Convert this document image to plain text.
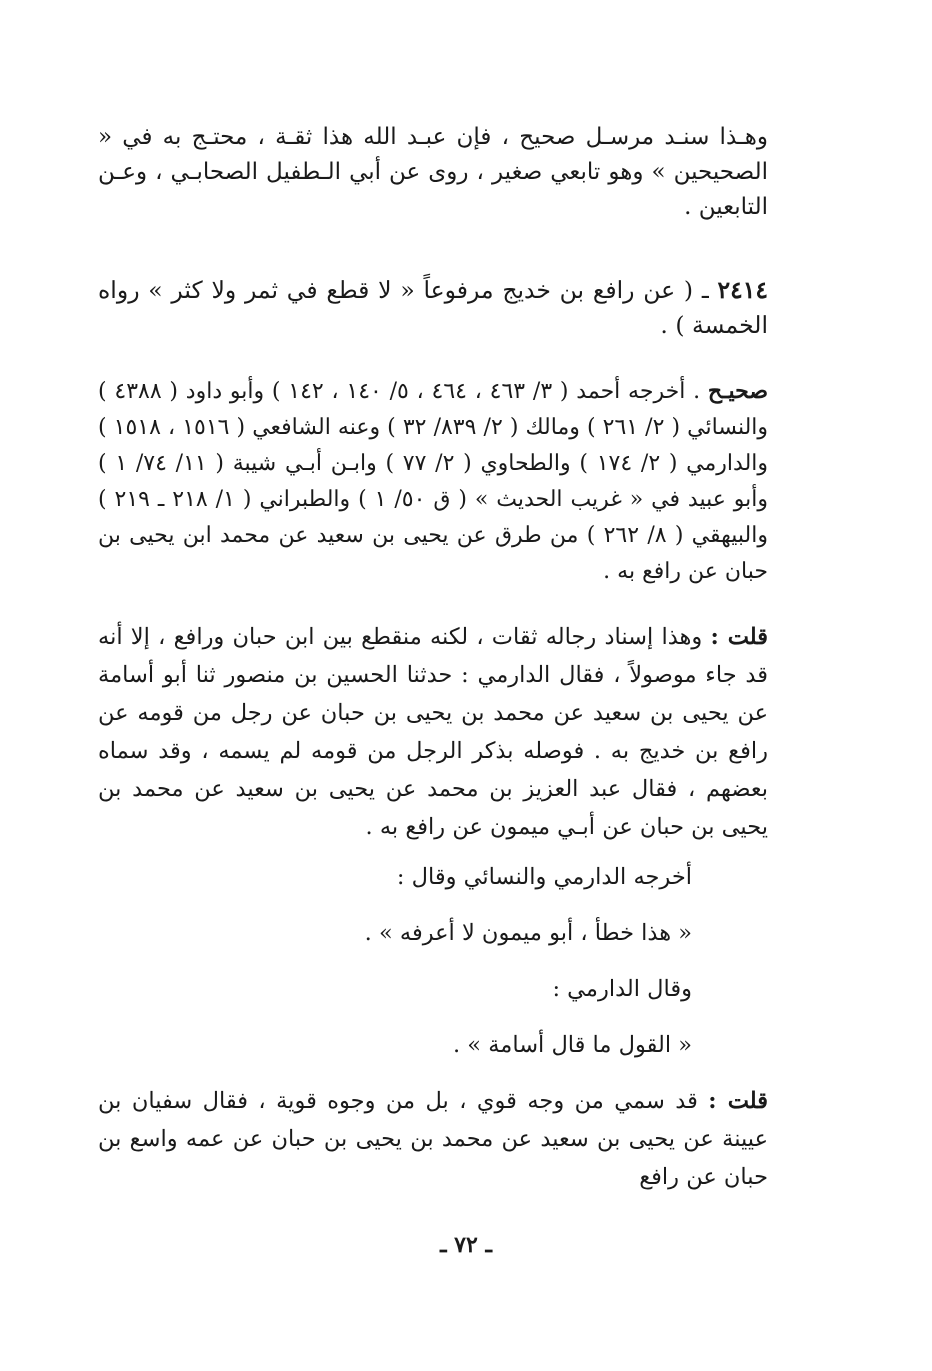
وهـذا سنـد مرسـل صحيح ، فإن عبـد الله هذا ثقـة ، محتـج به في « الصحيحين » وهو تابعي صغير ، روى عن أبي الـطفيل الصحابـي ، وعـن التابعين .

٢٤١٤ ـ ( عن رافع بن خديج مرفوعاً « لا قطع في ثمر ولا كثر » رواه الخمسة ) .

صحيـح . أخرجه أحمد ( ٣/ ٤٦٣ ، ٤٦٤ ، ٥/ ١٤٠ ، ١٤٢ ) وأبو داود ( ٤٣٨٨ ) والنسائي ( ٢/ ٢٦١ ) ومالك ( ٢/ ٨٣٩/ ٣٢ ) وعنه الشافعي ( ١٥١٦ ، ١٥١٨ ) والدارمي ( ٢/ ١٧٤ ) والطحاوي ( ٢/ ٧٧ ) وابـن أبـي شيبة ( ١١/ ٧٤/ ١ ) وأبو عبيد في « غريب الحديث » ( ق ٥٠/ ١ ) والطبراني ( ١/ ٢١٨ ـ ٢١٩ ) والبيهقي ( ٨/ ٢٦٢ ) من طرق عن يحيى بن سعيد عن محمد ابن يحيى بن حبان عن رافع به .

قلت : وهذا إسناد رجاله ثقات ، لكنه منقطع بين ابن حبان ورافع ، إلا أنه قد جاء موصولاً ، فقال الدارمي : حدثنا الحسين بن منصور ثنا أبو أسامة عن يحيى بن سعيد عن محمد بن يحيى بن حبان عن رجل من قومه عن رافع بن خديج به . فوصله بذكر الرجل من قومه لم يسمه ، وقد سماه بعضهم ، فقال عبد العزيز بن محمد عن يحيى بن سعيد عن محمد بن يحيى بن حبان عن أبـي ميمون عن رافع به .

أخرجه الدارمي والنسائي وقال :

« هذا خطأ ، أبو ميمون لا أعرفه » .

وقال الدارمي :

« القول ما قال أسامة » .

قلت : قد سمي من وجه قوي ، بل من وجوه قوية ، فقال سفيان بن عيينة عن يحيى بن سعيد عن محمد بن يحيى بن حبان عن عمه واسع بن حبان عن رافع

ـ ٧٢ ـ
